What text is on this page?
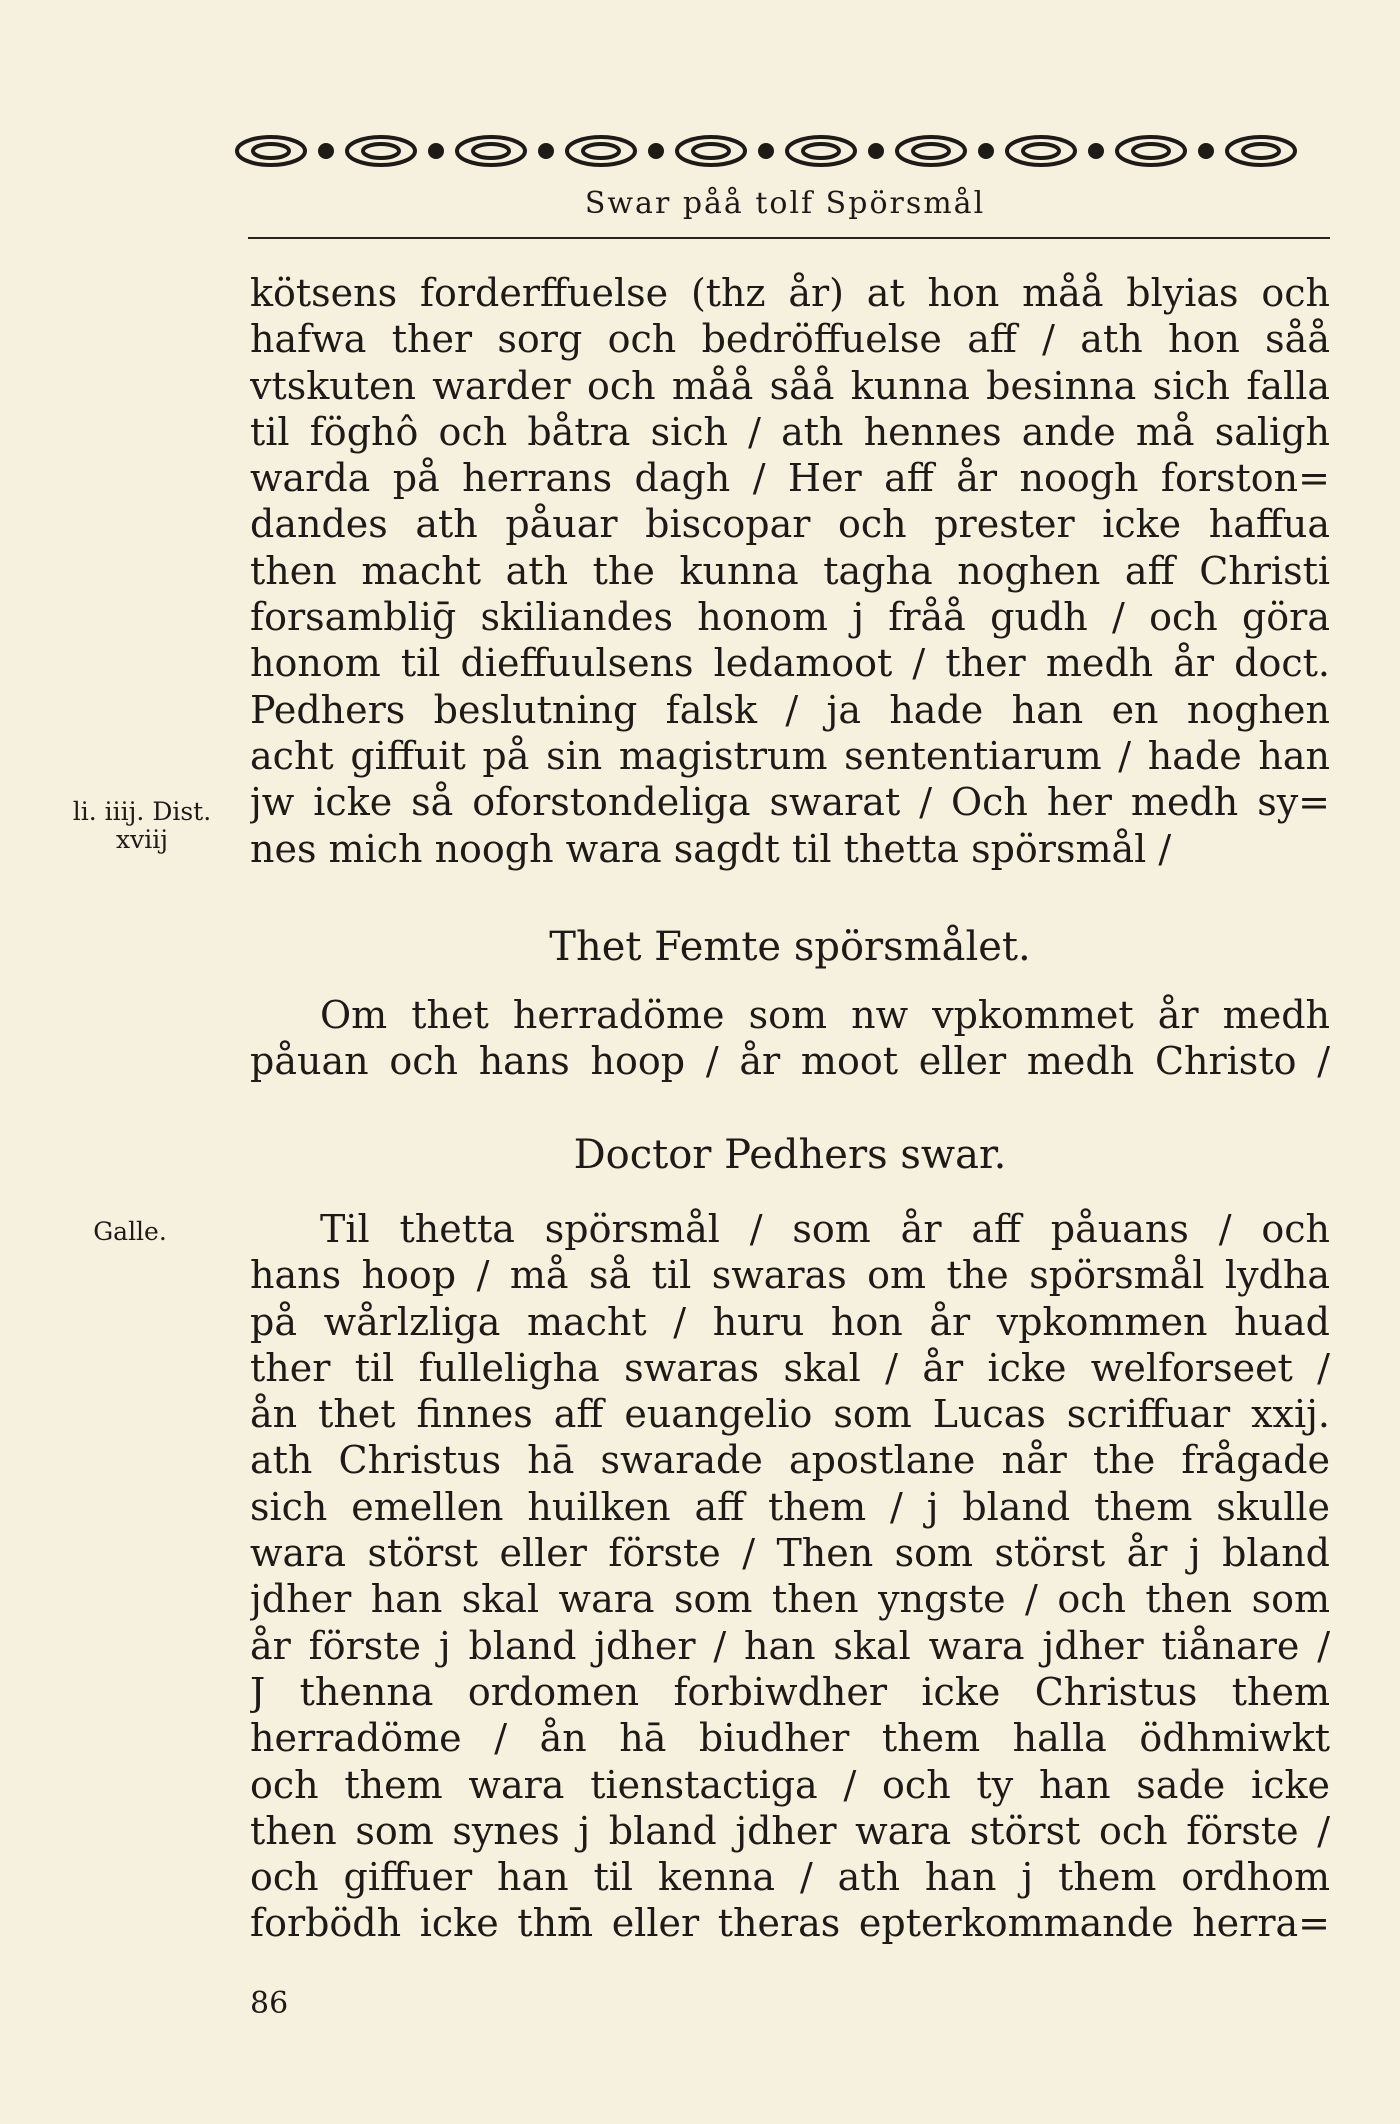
Swar påå tolf Spörsmål
kötsens forderffuelse (thz år) at hon måå blyias och
hafwa ther sorg och bedröffuelse aff / ath hon såå
vtskuten warder och måå såå kunna besinna sich falla
til föghô och båtra sich / ath hennes ande må saligh
warda på herrans dagh / Her aff år noogh forston=
dandes ath påuar biscopar och prester icke haffua
then macht ath the kunna tagha noghen aff Christi
forsambliḡ skiliandes honom j fråå gudh / och göra
honom til dieffuulsens ledamoot / ther medh år doct.
Pedhers beslutning falsk / ja hade han en noghen
acht giffuit på sin magistrum sententiarum / hade han
jw icke så oforstondeliga swarat / Och her medh sy=
nes mich noogh wara sagdt til thetta spörsmål /
li. iiij. Dist.
xviij
Thet Femte spörsmålet.
Om thet herradöme som nw vpkommet år medh
påuan och hans hoop / år moot eller medh Christo /
Doctor Pedhers swar.
Galle.	Til thetta spörsmål / som år aff påuans / och
hans hoop / må så til swaras om the spörsmål lydha
på wårlzliga macht / huru hon år vpkommen huad
ther til fulleligha swaras skal / år icke welforseet /
ån thet finnes aff euangelio som Lucas scriffuar xxij.
ath Christus hā swarade apostlane når the frågade
sich emellen huilken aff them / j bland them skulle
wara störst eller förste / Then som störst år j bland
jdher han skal wara som then yngste / och then som
år förste j bland jdher / han skal wara jdher tiånare /
J thenna ordomen forbiwdher icke Christus them
herradöme / ån hā biudher them halla ödhmiwkt
och them wara tienstactiga / och ty han sade icke
then som synes j bland jdher wara störst och förste /
och giffuer han til kenna / ath han j them ordhom
forbödh icke thm̄ eller theras epterkommande herra=
86
